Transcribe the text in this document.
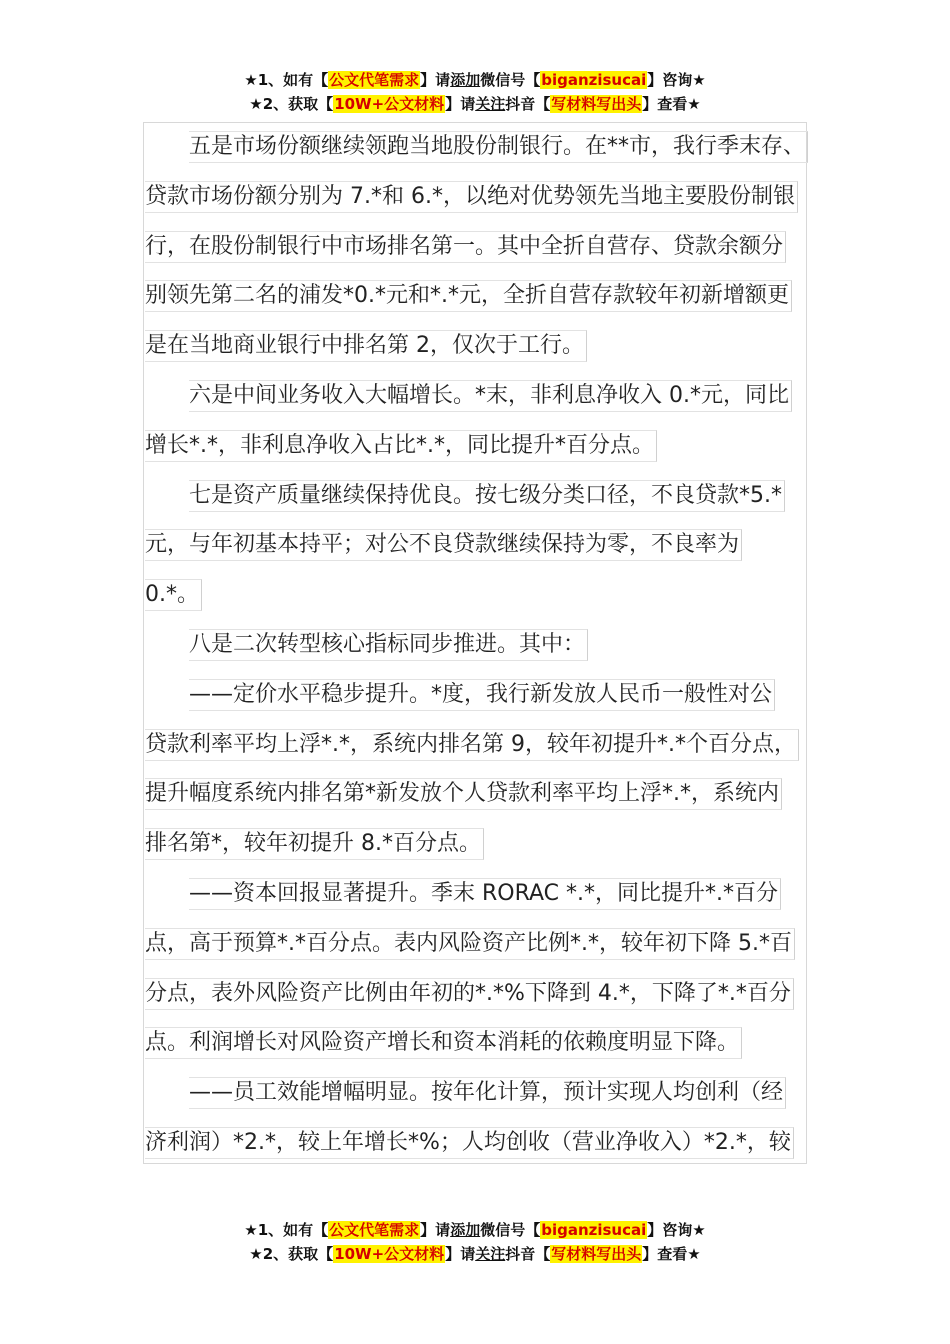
★1、如有【公文代笔需求】请添加微信号【biganzisucai】咨询★
★2、获取【10W+公文材料】请关注抖音【写材料写出头】查看★
五是市场份额继续领跑当地股份制银行。在**市，我行季末存、
贷款市场份额分别为 7.*和 6.*，以绝对优势领先当地主要股份制银
行，在股份制银行中市场排名第一。其中全折自营存、贷款余额分
别领先第二名的浦发*0.*元和*.*元，全折自营存款较年初新增额更
是在当地商业银行中排名第 2，仅次于工行。
六是中间业务收入大幅增长。*末，非利息净收入 0.*元，同比
增长*.*，非利息净收入占比*.*，同比提升*百分点。
七是资产质量继续保持优良。按七级分类口径，不良贷款*5.*
元，与年初基本持平；对公不良贷款继续保持为零，不良率为
0.*。
八是二次转型核心指标同步推进。其中：
——定价水平稳步提升。*度，我行新发放人民币一般性对公
贷款利率平均上浮*.*，系统内排名第 9，较年初提升*.*个百分点，
提升幅度系统内排名第*新发放个人贷款利率平均上浮*.*，系统内
排名第*，较年初提升 8.*百分点。
——资本回报显著提升。季末 RORAC *.*，同比提升*.*百分
点，高于预算*.*百分点。表内风险资产比例*.*，较年初下降 5.*百
分点，表外风险资产比例由年初的*.*%下降到 4.*，下降了*.*百分
点。利润增长对风险资产增长和资本消耗的依赖度明显下降。
——员工效能增幅明显。按年化计算，预计实现人均创利（经
济利润）*2.*，较上年增长*%；人均创收（营业净收入）*2.*，较
★1、如有【公文代笔需求】请添加微信号【biganzisucai】咨询★
★2、获取【10W+公文材料】请关注抖音【写材料写出头】查看★
